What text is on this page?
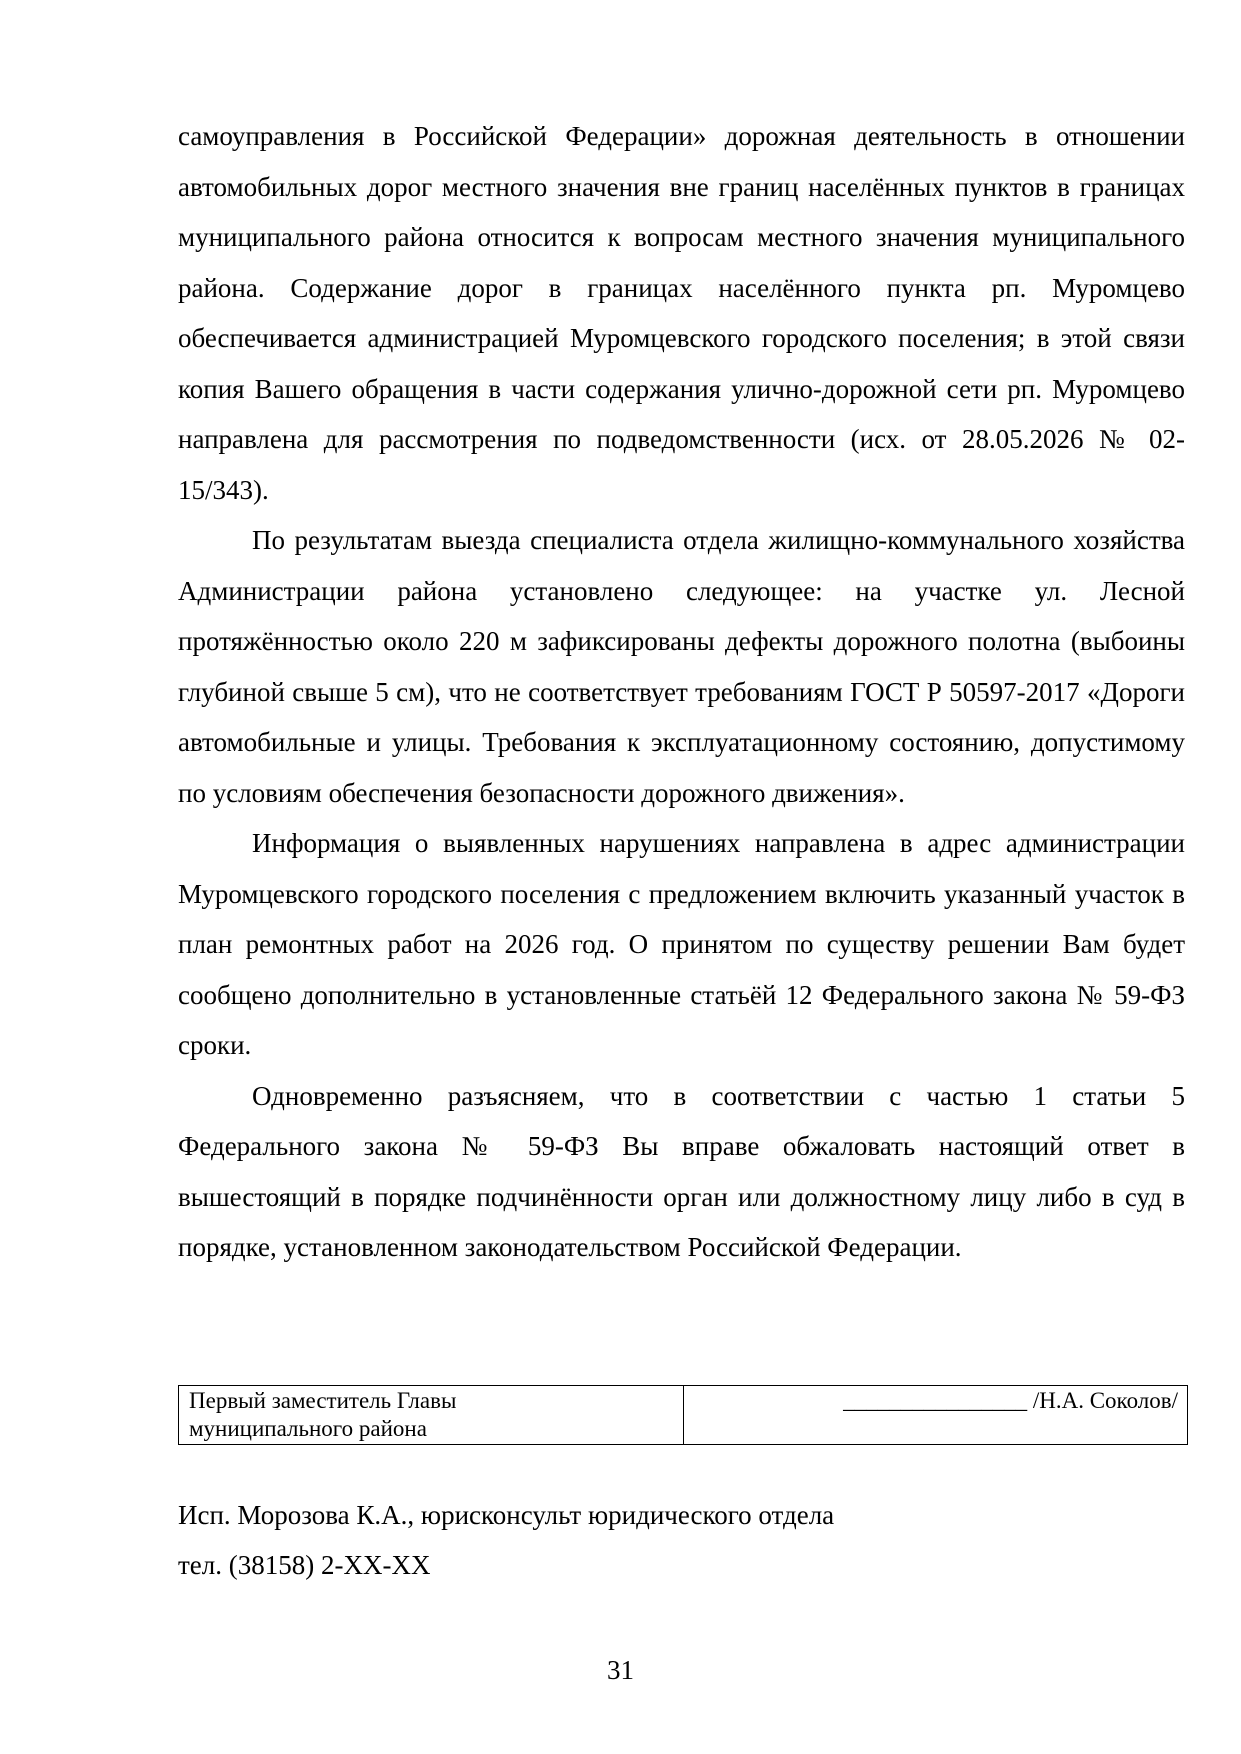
самоуправления в Российской Федерации» дорожная деятельность в отношении автомобильных дорог местного значения вне границ населённых пунктов в границах муниципального района относится к вопросам местного значения муниципального района. Содержание дорог в границах населённого пункта рп. Муромцево обеспечивается администрацией Муромцевского городского поселения; в этой связи копия Вашего обращения в части содержания улично-дорожной сети рп. Муромцево направлена для рассмотрения по подведомственности (исх. от 28.05.2026 № 02-15/343).

По результатам выезда специалиста отдела жилищно-коммунального хозяйства Администрации района установлено следующее: на участке ул. Лесной протяжённостью около 220 м зафиксированы дефекты дорожного полотна (выбоины глубиной свыше 5 см), что не соответствует требованиям ГОСТ Р 50597-2017 «Дороги автомобильные и улицы. Требования к эксплуатационному состоянию, допустимому по условиям обеспечения безопасности дорожного движения».

Информация о выявленных нарушениях направлена в адрес администрации Муромцевского городского поселения с предложением включить указанный участок в план ремонтных работ на 2026 год. О принятом по существу решении Вам будет сообщено дополнительно в установленные статьёй 12 Федерального закона № 59-ФЗ сроки.

Одновременно разъясняем, что в соответствии с частью 1 статьи 5 Федерального закона № 59-ФЗ Вы вправе обжаловать настоящий ответ в вышестоящий в порядке подчинённости орган или должностному лицу либо в суд в порядке, установленном законодательством Российской Федерации.

Первый заместитель Главы
муниципального района
	________________ /Н.А. Соколов/
Исп. Морозова К.А., юрисконсульт юридического отдела
тел. (38158) 2-XX-XX
31
